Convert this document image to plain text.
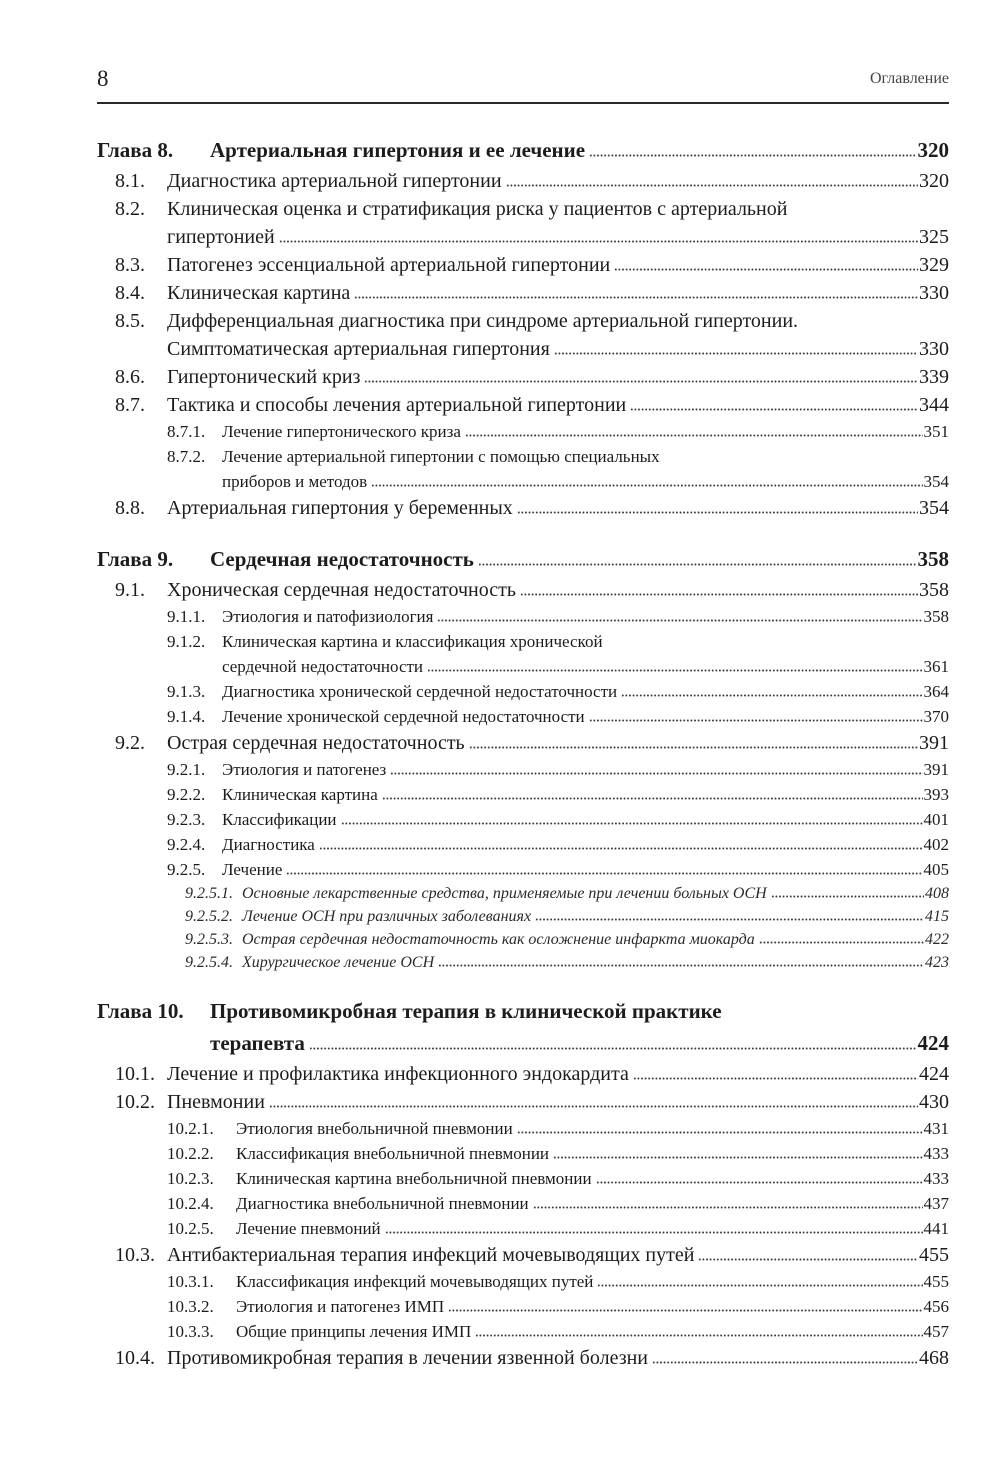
8	Оглавление
Глава 8.	Артериальная гипертония и ее лечение	320
8.1.	Диагностика артериальной гипертонии	320
8.2.	Клиническая оценка и стратификация риска у пациентов с артериальной
гипертонией	325
8.3.	Патогенез эссенциальной артериальной гипертонии	329
8.4.	Клиническая картина	330
8.5.	Дифференциальная диагностика при синдроме артериальной гипертонии.
Симптоматическая артериальная гипертония	330
8.6.	Гипертонический криз	339
8.7.	Тактика и способы лечения артериальной гипертонии	344
8.7.1. Лечение гипертонического криза	351
8.7.2. Лечение артериальной гипертонии с помощью специальных
приборов и методов	354
8.8.	Артериальная гипертония у беременных	354
Глава 9.	Сердечная недостаточность	358
9.1.	Хроническая сердечная недостаточность	358
9.1.1. Этиология и патофизиология	358
9.1.2. Клиническая картина и классификация хронической
сердечной недостаточности	361
9.1.3. Диагностика хронической сердечной недостаточности	364
9.1.4. Лечение хронической сердечной недостаточности	370
9.2.	Острая сердечная недостаточность	391
9.2.1. Этиология и патогенез	391
9.2.2. Клиническая картина	393
9.2.3. Классификации	401
9.2.4. Диагностика	402
9.2.5. Лечение	405
9.2.5.1. Основные лекарственные средства, применяемые при лечении больных ОСН	408
9.2.5.2. Лечение ОСН при различных заболеваниях	415
9.2.5.3. Острая сердечная недостаточность как осложнение инфаркта миокарда	422
9.2.5.4. Хирургическое лечение ОСН	423
Глава 10.	Противомикробная терапия в клинической практике
терапевта	424
10.1. Лечение и профилактика инфекционного эндокардита	424
10.2. Пневмонии	430
10.2.1.	Этиология внебольничной пневмонии	431
10.2.2.	Классификация внебольничной пневмонии	433
10.2.3.	Клиническая картина внебольничной пневмонии	433
10.2.4.	Диагностика внебольничной пневмонии	437
10.2.5.	Лечение пневмоний	441
10.3. Антибактериальная терапия инфекций мочевыводящих путей	455
10.3.1.	Классификация инфекций мочевыводящих путей	455
10.3.2.	Этиология и патогенез ИМП	456
10.3.3.	Общие принципы лечения ИМП	457
10.4. Противомикробная терапия в лечении язвенной болезни	468
